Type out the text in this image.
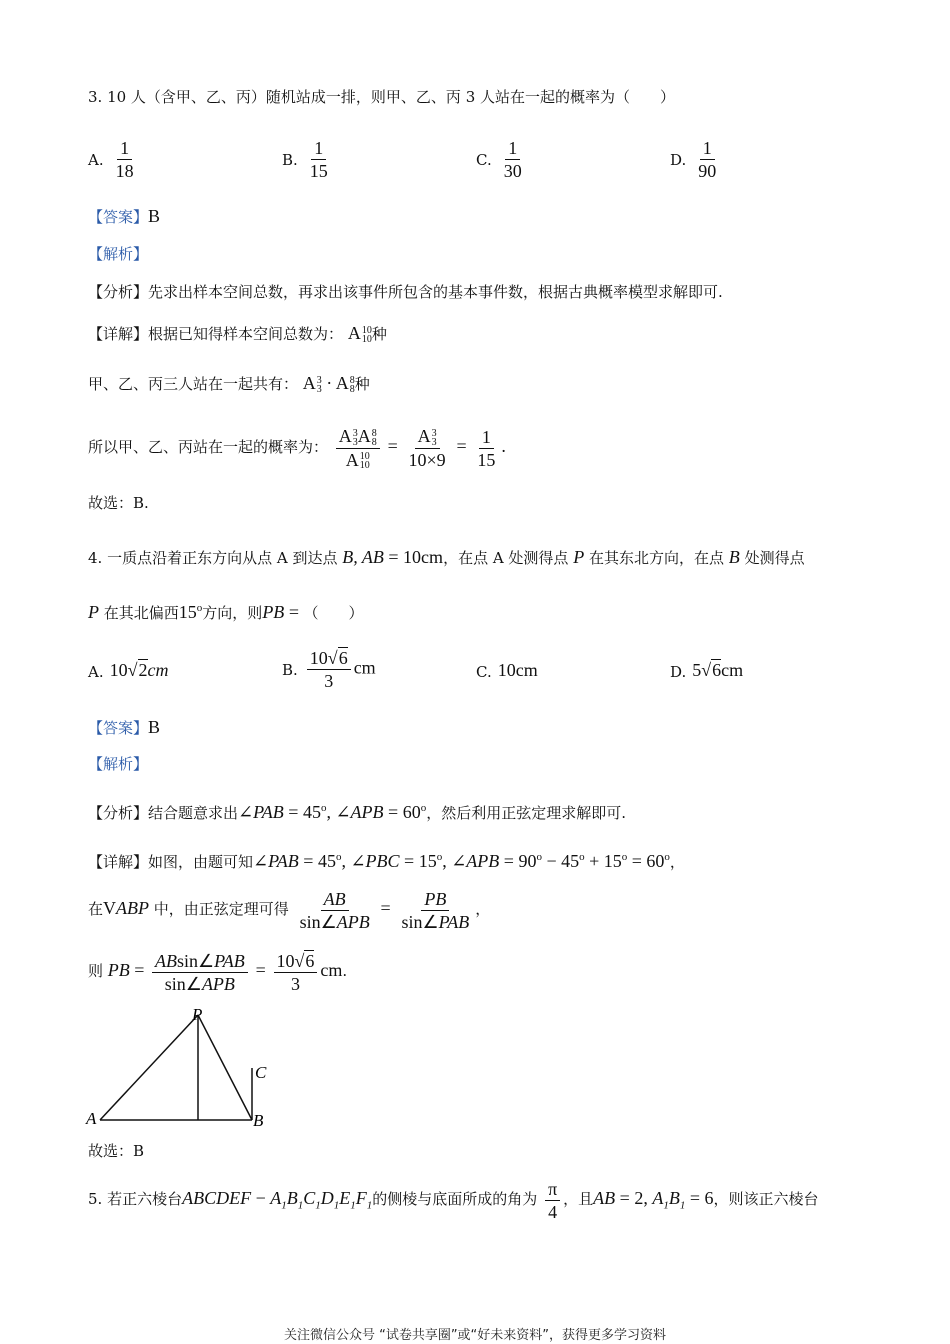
3. 10 人（含甲、乙、丙）随机站成一排，则甲、乙、丙 3 人站在一起的概率为（　　）
A. $\frac{1}{18}$	B. $\frac{1}{15}$	C. $\frac{1}{30}$	D. $\frac{1}{90}$
【答案】B
【解析】
【分析】先求出样本空间总数，再求出该事件所包含的基本事件数，根据古典概率模型求解即可.
【详解】根据已知得样本空间总数为： A 10
10 种
甲、乙、丙三人站在一起共有： A 3
3 · A 8
8 种
所以甲、乙、丙站在一起的概率为： A 3
3 A 8
8
A 10
10 = A 3
3
$10\times 9 = \frac{1}{15}$ .
故选：B.
4. 一质点沿着正东方向从点 A 到达点 B, AB = 10cm，在点 A 处测得点 P 在其东北方向，在点 B 处测得点
P 在其北偏西15$^o$方向，则PB = （　　）
A. 10√2cm	B. $\frac{10√6}{3}$ cm	C. 10cm	D. 5√6cm
【答案】B
【解析】
【分析】结合题意求出∠PAB = $45^o$, ∠APB = $60^o$，然后利用正弦定理求解即可.
【详解】如图，由题可知∠PAB = $45^o$, ∠PBC = $15^o$, ∠APB = $90^o - 45^o + 15^o = 60^o$，
在VABP 中，由正弦定理可得 $\frac{AB}{\text{sin∠APB}} = \frac{PB}{\text{sin∠PAB}}$ ，
则 PB = $\frac{\text{ABsin∠PAB}}{\text{sin∠APB}} = \frac{10√6}{3}$ cm.
P
A	B
C
故选：B
5. 若正六棱台ABCDEF − $A_1B_1C_1D_1E_1F_1$的侧棱与底面所成的角为 $\frac{\pi}{4}$ ，且AB = 2, $A_1B_1 = 6$，则该正六棱台
关注微信公众号 “试卷共享圈”或“好未来资料”，获得更多学习资料
